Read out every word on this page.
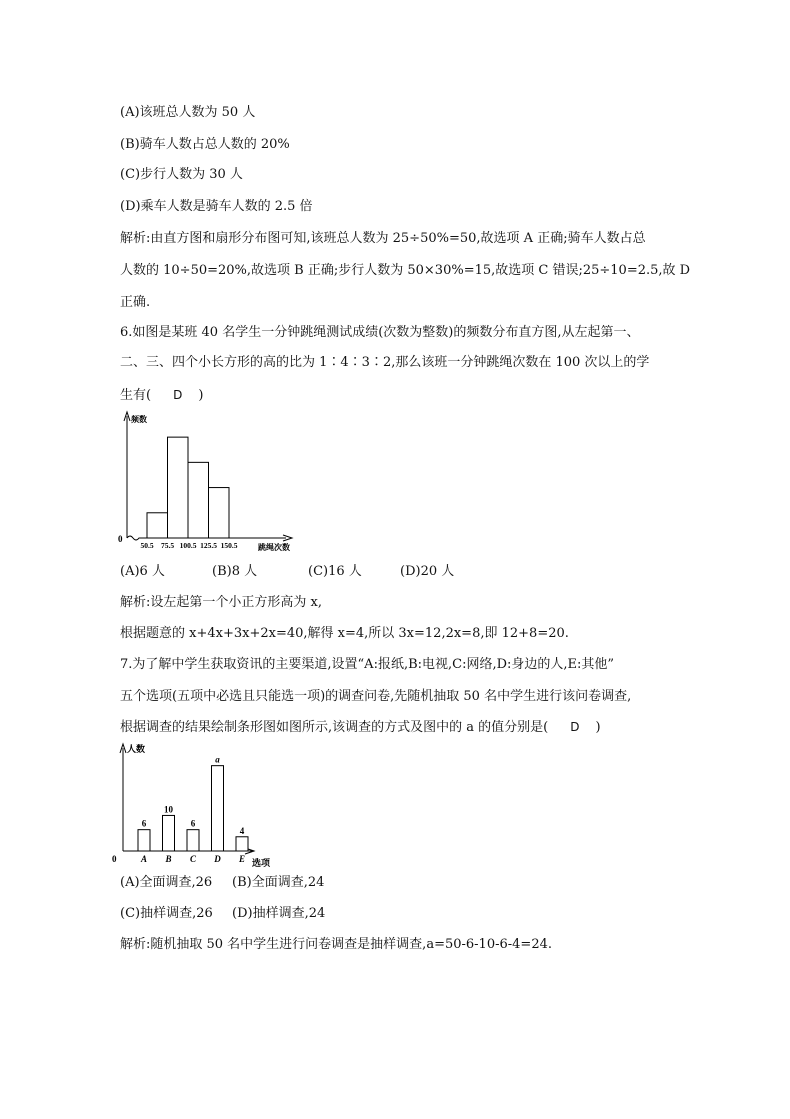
(A)该班总人数为 50 人
(B)骑车人数占总人数的 20%
(C)步行人数为 30 人
(D)乘车人数是骑车人数的 2.5 倍
解析:由直方图和扇形分布图可知,该班总人数为 25÷50%=50,故选项 A 正确;骑车人数占总
人数的 10÷50=20%,故选项 B 正确;步行人数为 50×30%=15,故选项 C 错误;25÷10=2.5,故 D
正确.
6.如图是某班 40 名学生一分钟跳绳测试成绩(次数为整数)的频数分布直方图,从左起第一、
二、三、四个小长方形的高的比为 1∶4∶3∶2,那么该班一分钟跳绳次数在 100 次以上的学
生有( D )
频数
0
50.5 75.5 100.5 125.5 150.5	跳绳次数
(A)6 人	(B)8 人	(C)16 人	(D)20 人
解析:设左起第一个小正方形高为 x,
根据题意的 x+4x+3x+2x=40,解得 x=4,所以 3x=12,2x=8,即 12+8=20.
7.为了解中学生获取资讯的主要渠道,设置“A:报纸,B:电视,C:网络,D:身边的人,E:其他”
五个选项(五项中必选且只能选一项)的调查问卷,先随机抽取 50 名中学生进行该问卷调查,
根据调查的结果绘制条形图如图所示,该调查的方式及图中的 a 的值分别是( D )
人数
0
6
A
10
B
6
C
a
D
4
E 选项
(A)全面调查,26 (B)全面调查,24
(C)抽样调查,26 (D)抽样调查,24
解析:随机抽取 50 名中学生进行问卷调查是抽样调查,a=50-6-10-6-4=24.
